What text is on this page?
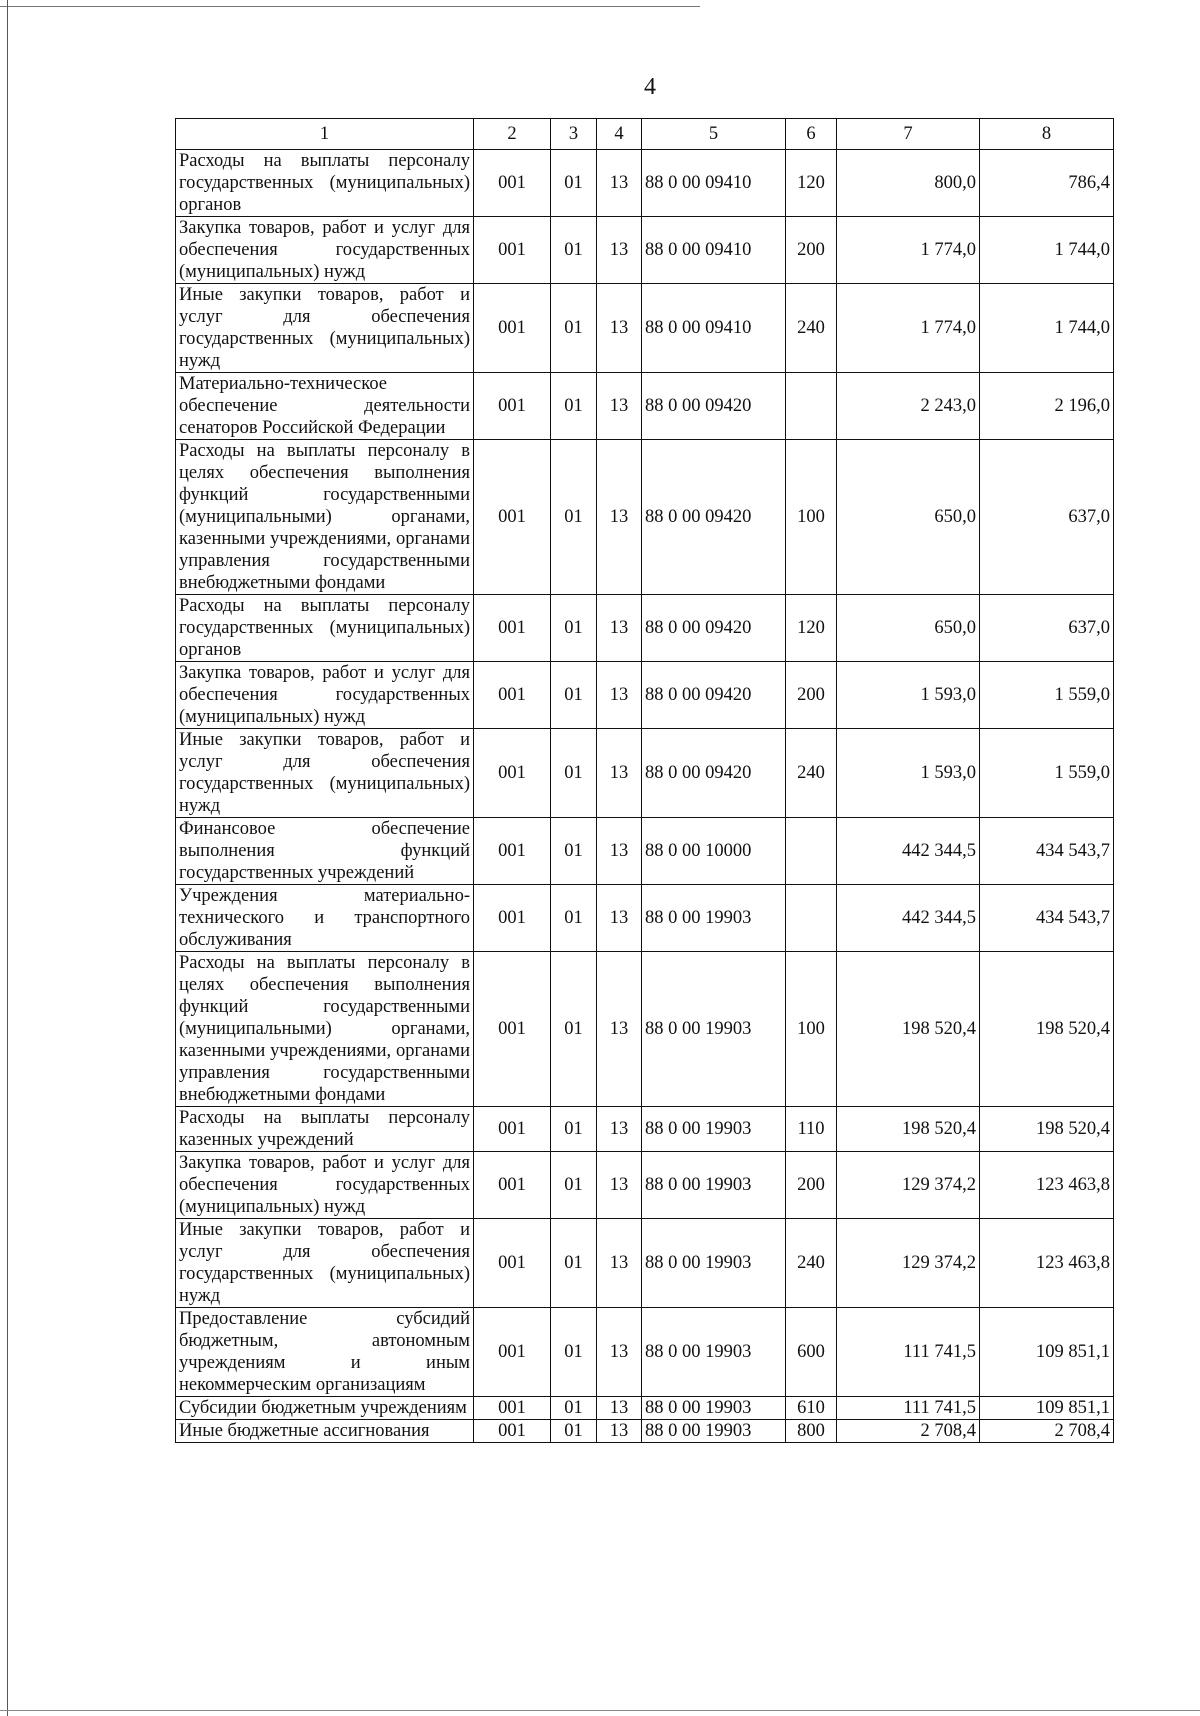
4
1	2	3	4	5	6	7	8
Расходы на выплаты персоналу государственных (муниципальных) органов	001	01	13	88 0 00 09410	120	800,0	786,4
Закупка товаров, работ и услуг для обеспечения государственных (муниципальных) нужд	001	01	13	88 0 00 09410	200	1 774,0	1 744,0
Иные закупки товаров, работ и услуг для обеспечения государственных (муниципальных) нужд	001	01	13	88 0 00 09410	240	1 774,0	1 744,0
Материально-техническое обеспечение деятельности сенаторов Российской Федерации	001	01	13	88 0 00 09420		2 243,0	2 196,0
Расходы на выплаты персоналу в целях обеспечения выполнения функций государственными (муниципальными) органами, казенными учреждениями, органами управления государственными внебюджетными фондами	001	01	13	88 0 00 09420	100	650,0	637,0
Расходы на выплаты персоналу государственных (муниципальных) органов	001	01	13	88 0 00 09420	120	650,0	637,0
Закупка товаров, работ и услуг для обеспечения государственных (муниципальных) нужд	001	01	13	88 0 00 09420	200	1 593,0	1 559,0
Иные закупки товаров, работ и услуг для обеспечения государственных (муниципальных) нужд	001	01	13	88 0 00 09420	240	1 593,0	1 559,0
Финансовое обеспечение выполнения функций государственных учреждений	001	01	13	88 0 00 10000		442 344,5	434 543,7
Учреждения материально-технического и транспортного обслуживания	001	01	13	88 0 00 19903		442 344,5	434 543,7
Расходы на выплаты персоналу в целях обеспечения выполнения функций государственными (муниципальными) органами, казенными учреждениями, органами управления государственными внебюджетными фондами	001	01	13	88 0 00 19903	100	198 520,4	198 520,4
Расходы на выплаты персоналу казенных учреждений	001	01	13	88 0 00 19903	110	198 520,4	198 520,4
Закупка товаров, работ и услуг для обеспечения государственных (муниципальных) нужд	001	01	13	88 0 00 19903	200	129 374,2	123 463,8
Иные закупки товаров, работ и услуг для обеспечения государственных (муниципальных) нужд	001	01	13	88 0 00 19903	240	129 374,2	123 463,8
Предоставление субсидий бюджетным, автономным учреждениям и иным некоммерческим организациям	001	01	13	88 0 00 19903	600	111 741,5	109 851,1
Субсидии бюджетным учреждениям	001	01	13	88 0 00 19903	610	111 741,5	109 851,1
Иные бюджетные ассигнования	001	01	13	88 0 00 19903	800	2 708,4	2 708,4
